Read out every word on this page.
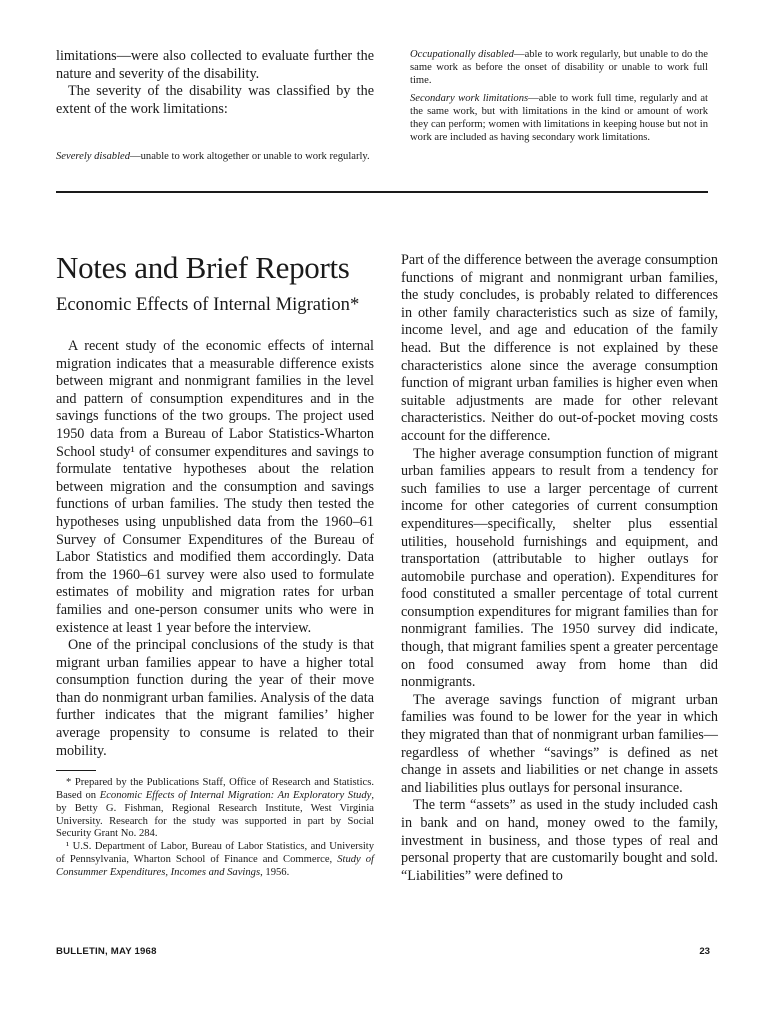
limitations—were also collected to evaluate further the nature and severity of the disability.

The severity of the disability was classified by the extent of the work limitations:

Severely disabled—unable to work altogether or unable to work regularly.

Occupationally disabled—able to work regularly, but unable to do the same work as before the onset of disability or unable to work full time.

Secondary work limitations—able to work full time, regularly and at the same work, but with limitations in the kind or amount of work they can perform; women with limitations in keeping house but not in work are included as having secondary work limitations.

Notes and Brief Reports
Economic Effects of Internal Migration*

A recent study of the economic effects of internal migration indicates that a measurable difference exists between migrant and nonmigrant families in the level and pattern of consumption expenditures and in the savings functions of the two groups. The project used 1950 data from a Bureau of Labor Statistics-Wharton School study¹ of consumer expenditures and savings to formulate tentative hypotheses about the relation between migration and the consumption and savings functions of urban families. The study then tested the hypotheses using unpublished data from the 1960–61 Survey of Consumer Expenditures of the Bureau of Labor Statistics and modified them accordingly. Data from the 1960–61 survey were also used to formulate estimates of mobility and migration rates for urban families and one-person consumer units who were in existence at least 1 year before the interview.

One of the principal conclusions of the study is that migrant urban families appear to have a higher total consumption function during the year of their move than do nonmigrant urban families. Analysis of the data further indicates that the migrant families’ higher average propensity to consume is related to their mobility.

* Prepared by the Publications Staff, Office of Research and Statistics. Based on Economic Effects of Internal Migration: An Exploratory Study, by Betty G. Fishman, Regional Research Institute, West Virginia University. Research for the study was supported in part by Social Security Grant No. 284.

¹ U.S. Department of Labor, Bureau of Labor Statistics, and University of Pennsylvania, Wharton School of Finance and Commerce, Study of Consummer Expenditures, Incomes and Savings, 1956.

Part of the difference between the average consumption functions of migrant and nonmigrant urban families, the study concludes, is probably related to differences in other family characteristics such as size of family, income level, and age and education of the family head. But the difference is not explained by these characteristics alone since the average consumption function of migrant urban families is higher even when suitable adjustments are made for other relevant characteristics. Neither do out-of-pocket moving costs account for the difference.

The higher average consumption function of migrant urban families appears to result from a tendency for such families to use a larger percentage of current income for other categories of current consumption expenditures—specifically, shelter plus essential utilities, household furnishings and equipment, and transportation (attributable to higher outlays for automobile purchase and operation). Expenditures for food constituted a smaller percentage of total current consumption expenditures for migrant families than for nonmigrant families. The 1950 survey did indicate, though, that migrant families spent a greater percentage on food consumed away from home than did nonmigrants.

The average savings function of migrant urban families was found to be lower for the year in which they migrated than that of nonmigrant urban families—regardless of whether “savings” is defined as net change in assets and liabilities or net change in assets and liabilities plus outlays for personal insurance.

The term “assets” as used in the study included cash in bank and on hand, money owed to the family, investment in business, and those types of real and personal property that are customarily bought and sold. “Liabilities” were defined to

BULLETIN, MAY 1968	23
